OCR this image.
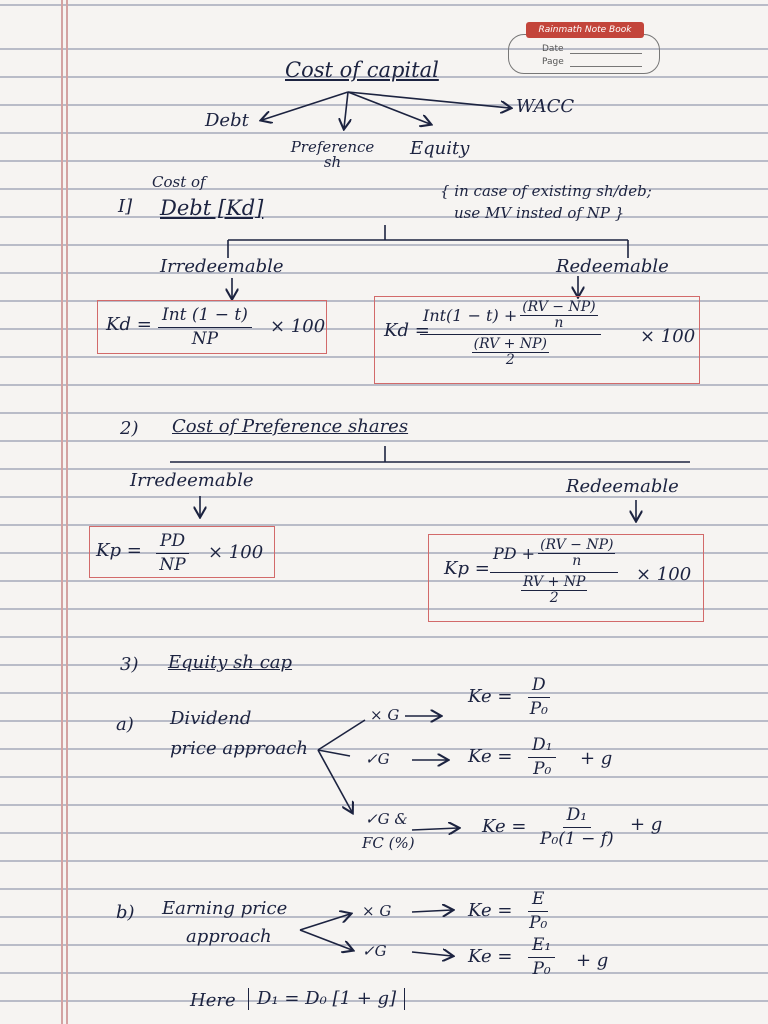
Rainmath Note Book
Date
Page
Cost of capital
Debt
Preference sh
Equity
WACC
I]
Cost of
Debt [Kd]
{ in case of existing sh/deb;
use MV insted of NP }
Irredeemable	Redeemable
Kd = Int (1 − t)
NP
× 100	Kd =
$Int(1 - t) + \frac{(RV - NP)}{n}$
(RV + NP)
2
× 100
2) Cost of Preference shares
Irredeemable	Redeemable
$Kp = \frac{PD}{NP} \times 100$
Kp = PD + $\frac{(RV - NP)}{n}$
RV + NP
2 × 100
3) Equity sh cap
a) Dividend
price approach
× G
$Ke = \frac{D}{\text{P₀}}$
✓G	$Ke = \frac{\text{D₁}}{\text{P₀}} + g$
✓G &
FC (%)
$Ke = \frac{\text{D₁}}{\text{P₀(1 − f)}} + g$
b) Earning price
approach
× G	$Ke = \frac{E}{\text{P₀}}$
✓G	$Ke = \frac{\text{E₁}}{\text{P₀}} + g$
Here	D₁ = D₀ [1 + g]
